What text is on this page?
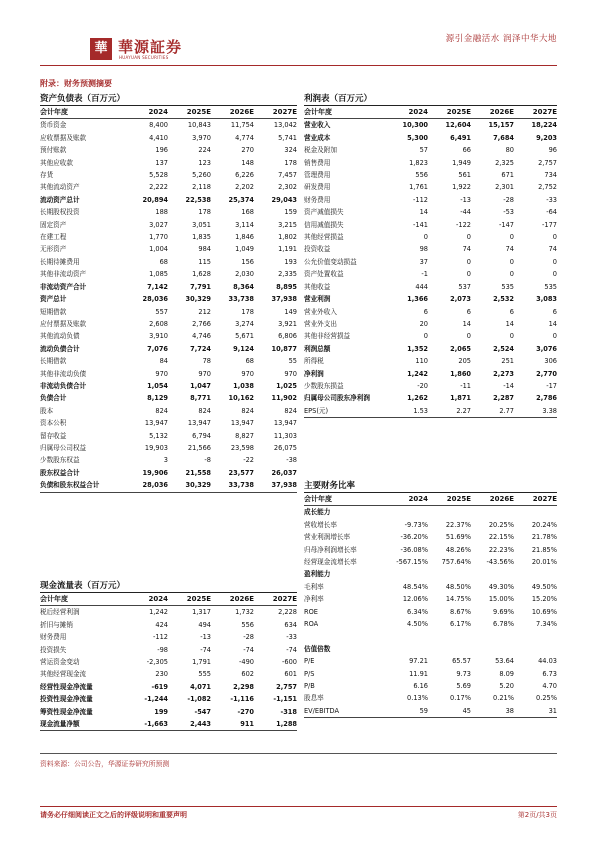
華 華源証券
HUAYUAN SECURITIES
源引金融活水 润泽中华大地
附录：财务预测摘要
资产负债表（百万元）
会计年度	2024	2025E	2026E	2027E
货币资金	8,400	10,843	11,754	13,042
应收票据及账款	4,410	3,970	4,774	5,741
预付账款	196	224	270	324
其他应收款	137	123	148	178
存货	5,528	5,260	6,226	7,457
其他流动资产	2,222	2,118	2,202	2,302
流动资产总计	20,894	22,538	25,374	29,043
长期股权投资	188	178	168	159
固定资产	3,027	3,051	3,114	3,215
在建工程	1,770	1,835	1,846	1,802
无形资产	1,004	984	1,049	1,191
长期待摊费用	68	115	156	193
其他非流动资产	1,085	1,628	2,030	2,335
非流动资产合计	7,142	7,791	8,364	8,895
资产总计	28,036	30,329	33,738	37,938
短期借款	557	212	178	149
应付票据及账款	2,608	2,766	3,274	3,921
其他流动负债	3,910	4,746	5,671	6,806
流动负债合计	7,076	7,724	9,124	10,877
长期借款	84	78	68	55
其他非流动负债	970	970	970	970
非流动负债合计	1,054	1,047	1,038	1,025
负债合计	8,129	8,771	10,162	11,902
股本	824	824	824	824
资本公积	13,947	13,947	13,947	13,947
留存收益	5,132	6,794	8,827	11,303
归属母公司权益	19,903	21,566	23,598	26,075
少数股东权益	3	-8	-22	-38
股东权益合计	19,906	21,558	23,577	26,037
负债和股东权益合计	28,036	30,329	33,738	37,938
利润表（百万元）
会计年度	2024	2025E	2026E	2027E
营业收入	10,300	12,604	15,157	18,224
营业成本	5,300	6,491	7,684	9,203
税金及附加	57	66	80	96
销售费用	1,823	1,949	2,325	2,757
管理费用	556	561	671	734
研发费用	1,761	1,922	2,301	2,752
财务费用	-112	-13	-28	-33
资产减值损失	14	-44	-53	-64
信用减值损失	-141	-122	-147	-177
其他经营损益	0	0	0	0
投资收益	98	74	74	74
公允价值变动损益	37	0	0	0
资产处置收益	-1	0	0	0
其他收益	444	537	535	535
营业利润	1,366	2,073	2,532	3,083
营业外收入	6	6	6	6
营业外支出	20	14	14	14
其他非经营损益	0	0	0	0
利润总额	1,352	2,065	2,524	3,076
所得税	110	205	251	306
净利润	1,242	1,860	2,273	2,770
少数股东损益	-20	-11	-14	-17
归属母公司股东净利润	1,262	1,871	2,287	2,786
EPS(元)	1.53	2.27	2.77	3.38
主要财务比率
会计年度	2024	2025E	2026E	2027E
成长能力				
营收增长率	-9.73%	22.37%	20.25%	20.24%
营业利润增长率	-36.20%	51.69%	22.15%	21.78%
归母净利润增长率	-36.08%	48.26%	22.23%	21.85%
经营现金流增长率	-567.15%	757.64%	-43.56%	20.01%
盈利能力				
毛利率	48.54%	48.50%	49.30%	49.50%
净利率	12.06%	14.75%	15.00%	15.20%
ROE	6.34%	8.67%	9.69%	10.69%
ROA	4.50%	6.17%	6.78%	7.34%

估值倍数				
P/E	97.21	65.57	53.64	44.03
P/S	11.91	9.73	8.09	6.73
P/B	6.16	5.69	5.20	4.70
股息率	0.13%	0.17%	0.21%	0.25%
EV/EBITDA	59	45	38	31
现金流量表（百万元）
会计年度	2024	2025E	2026E	2027E
税后经营利润	1,242	1,317	1,732	2,228
折旧与摊销	424	494	556	634
财务费用	-112	-13	-28	-33
投资损失	-98	-74	-74	-74
营运资金变动	-2,305	1,791	-490	-600
其他经营现金流	230	555	602	601
经营性现金净流量	-619	4,071	2,298	2,757
投资性现金净流量	-1,244	-1,082	-1,116	-1,151
筹资性现金净流量	199	-547	-270	-318
现金流量净额	-1,663	2,443	911	1,288
资料来源：公司公告，华源证券研究所预测
请务必仔细阅读正文之后的评级说明和重要声明	第2页/共3页
